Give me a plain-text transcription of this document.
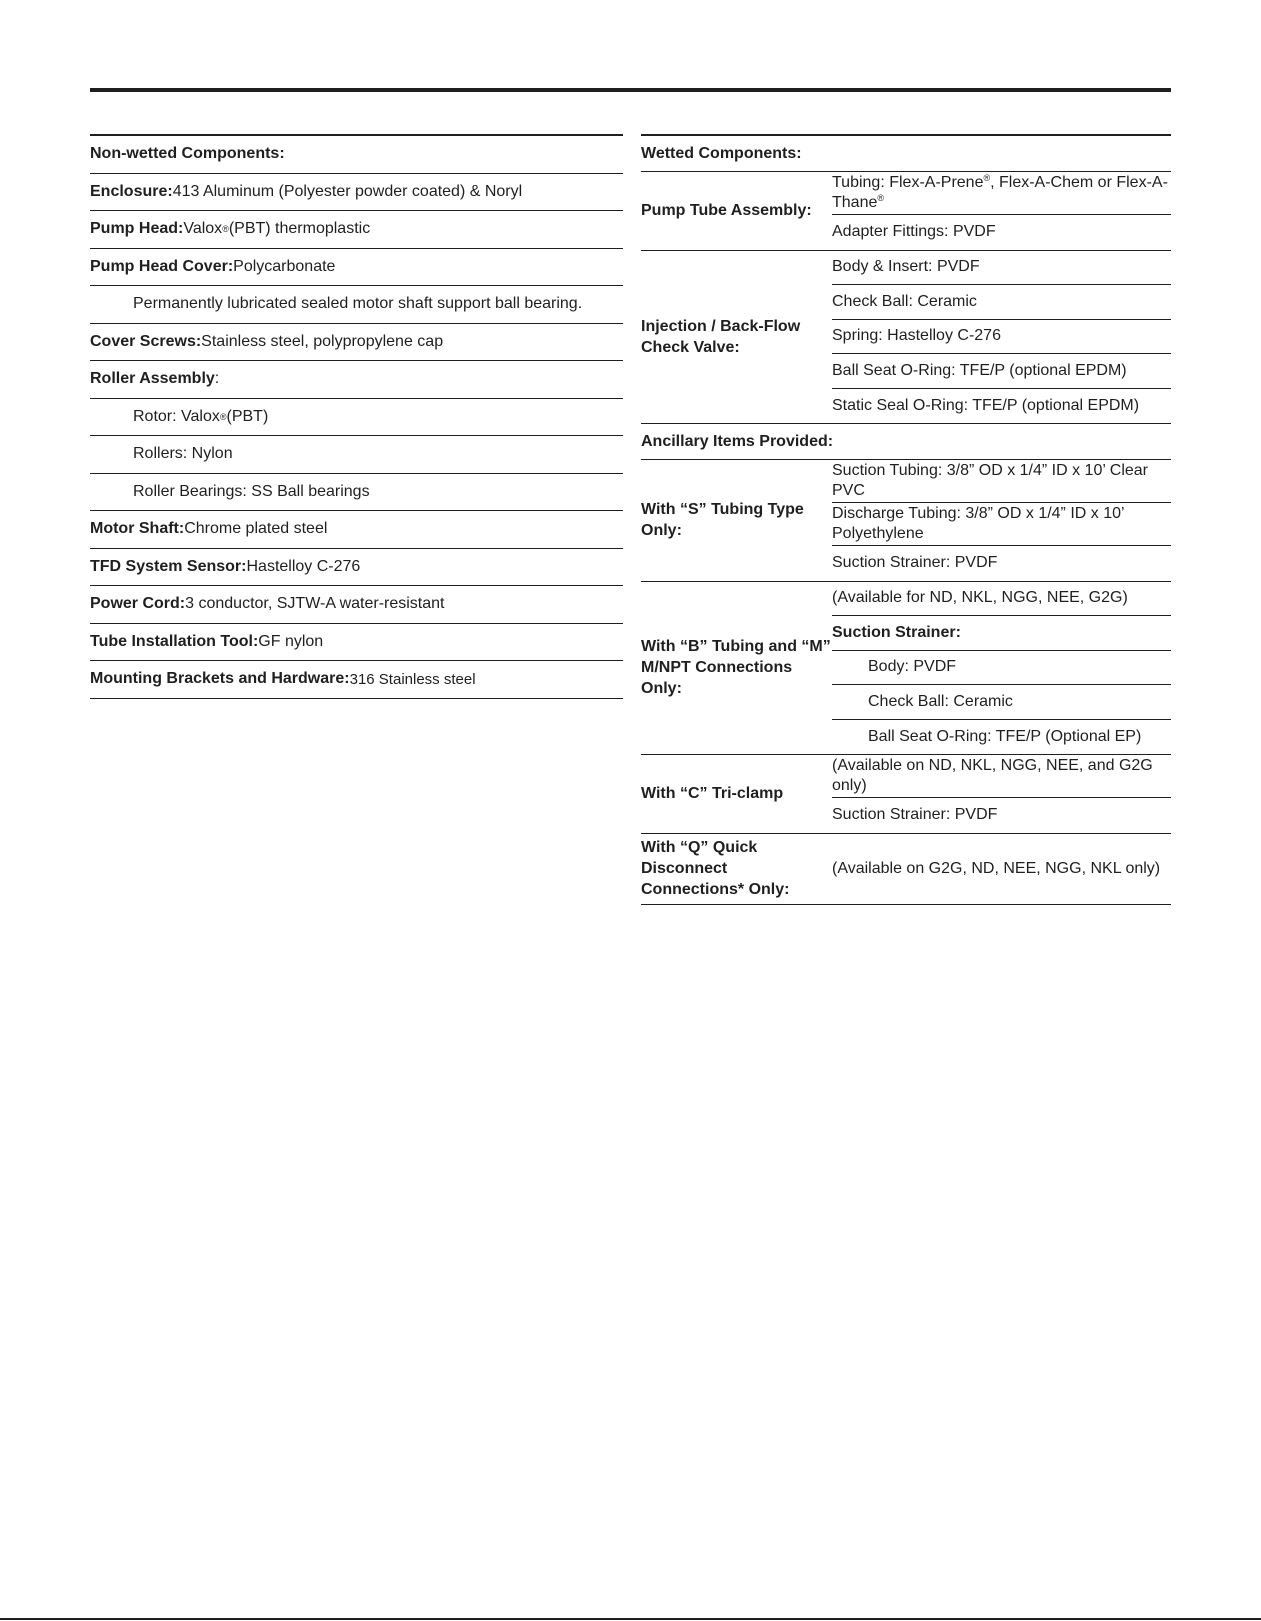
Non-wetted Components:
Enclosure: 413 Aluminum (Polyester powder coated) & Noryl
Pump Head: Valox ® (PBT) thermoplastic
Pump Head Cover: Polycarbonate
Permanently lubricated sealed motor shaft support ball bearing.
Cover Screws: Stainless steel, polypropylene cap
Roller Assembly :
Rotor: Valox ® (PBT)
Rollers: Nylon
Roller Bearings: SS Ball bearings
Motor Shaft: Chrome plated steel
TFD System Sensor: Hastelloy C-276
Power Cord: 3 conductor, SJTW-A water-resistant
Tube Installation Tool: GF nylon
Mounting Brackets and Hardware: 316 Stainless steel
Wetted Components:
Pump Tube Assembly:
Tubing: Flex-A-Prene®, Flex-A-Chem or Flex-A-Thane®
Adapter Fittings: PVDF
Injection / Back-Flow Check Valve:
Body & Insert: PVDF
Check Ball: Ceramic
Spring: Hastelloy C-276
Ball Seat O-Ring: TFE/P (optional EPDM)
Static Seal O-Ring: TFE/P (optional EPDM)
Ancillary Items Provided:
With “S” Tubing Type Only:
Suction Tubing: 3/8” OD x 1/4” ID x 10’ Clear PVC
Discharge Tubing: 3/8” OD x 1/4” ID x 10’ Polyethylene
Suction Strainer: PVDF
With “B” Tubing and “M” M/NPT Connections Only:
(Available for ND, NKL, NGG, NEE, G2G)
Suction Strainer:
Body: PVDF
Check Ball: Ceramic
Ball Seat O-Ring: TFE/P (Optional EP)
With “C” Tri-clamp
(Available on ND, NKL, NGG, NEE, and G2G only)
Suction Strainer: PVDF
With “Q” Quick Disconnect Connections* Only:
(Available on G2G, ND, NEE, NGG, NKL only)
